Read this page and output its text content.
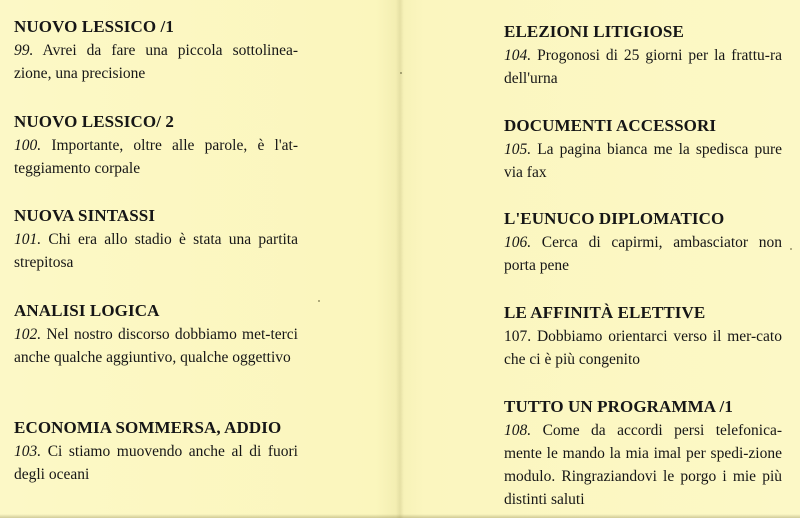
NUOVO LESSICO /1
99. Avrei da fare una piccola sottolinea-zione, una precisione
NUOVO LESSICO/ 2
100. Importante, oltre alle parole, è l'at-teggiamento corpale
NUOVA SINTASSI
101. Chi era allo stadio è stata una partita strepitosa
ANALISI LOGICA
102. Nel nostro discorso dobbiamo met-terci anche qualche aggiuntivo, qualche oggettivo
ECONOMIA SOMMERSA, ADDIO
103. Ci stiamo muovendo anche al di fuori degli oceani
ELEZIONI LITIGIOSE
104. Progonosi di 25 giorni per la frattu-ra dell'urna
DOCUMENTI ACCESSORI
105. La pagina bianca me la spedisca pure via fax
L'EUNUCO DIPLOMATICO
106. Cerca di capirmi, ambasciator non porta pene
LE AFFINITÀ ELETTIVE
107. Dobbiamo orientarci verso il mer-cato che ci è più congenito
TUTTO UN PROGRAMMA /1
108. Come da accordi persi telefonica-mente le mando la mia imal per spedi-zione modulo. Ringraziandovi le porgo i mie più distinti saluti
